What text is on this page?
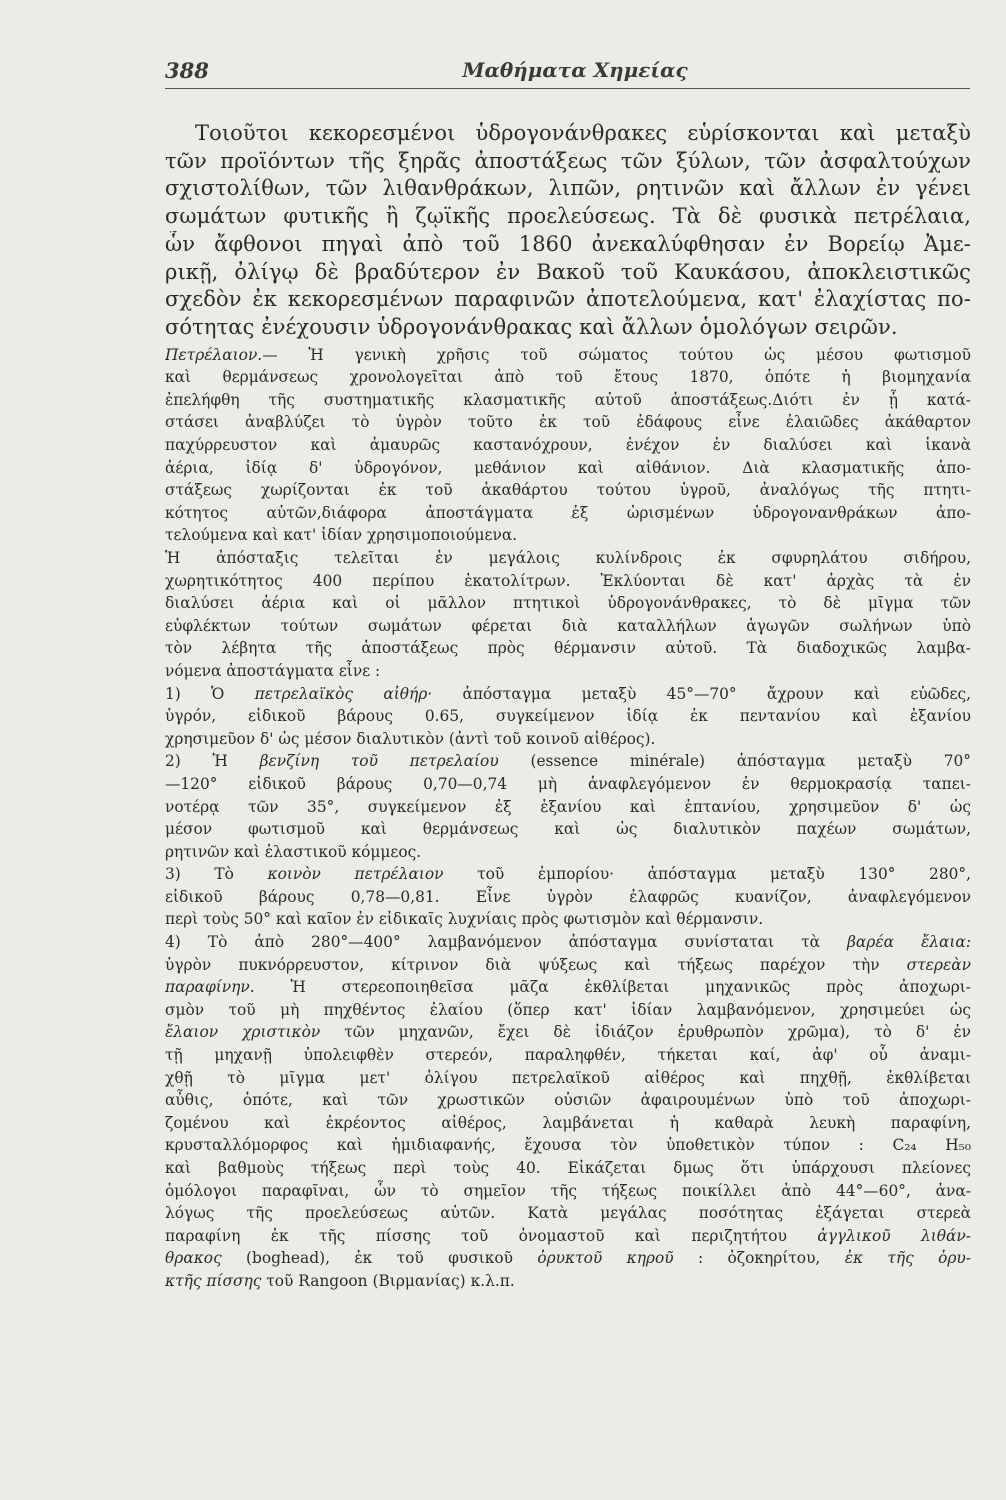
388	Μαθήματα Χημείας
Τοιοῦτοι κεκορεσμένοι ὑδρογονάνθρακες εὑρίσκονται καὶ μεταξὺ
τῶν προϊόντων τῆς ξηρᾶς ἀποστάξεως τῶν ξύλων, τῶν ἀσφαλτούχων
σχιστολίθων, τῶν λιθανθράκων, λιπῶν, ρητινῶν καὶ ἄλλων ἐν γένει
σωμάτων φυτικῆς ἢ ζῳϊκῆς προελεύσεως. Τὰ δὲ φυσικὰ πετρέλαια,
ὧν ἄφθονοι πηγαὶ ἀπὸ τοῦ 1860 ἀνεκαλύφθησαν ἐν Βορείῳ Ἀμε-
ρικῇ, ὀλίγῳ δὲ βραδύτερον ἐν Βακοῦ τοῦ Καυκάσου, ἀποκλειστικῶς
σχεδὸν ἐκ κεκορεσμένων παραφινῶν ἀποτελούμενα, κατ' ἐλαχίστας πο-
σότητας ἐνέχουσιν ὑδρογονάνθρακας καὶ ἄλλων ὁμολόγων σειρῶν.
Πετρέλαιον.— Ἡ γενικὴ χρῆσις τοῦ σώματος τούτου ὡς μέσου φωτισμοῦ
καὶ θερμάνσεως χρονολογεῖται ἀπὸ τοῦ ἔτους 1870, ὁπότε ἡ βιομηχανία
ἐπελήφθη τῆς συστηματικῆς κλασματικῆς αὐτοῦ ἀποστάξεως.Διότι ἐν ᾗ κατά-
στάσει ἀναβλύζει τὸ ὑγρὸν τοῦτο ἐκ τοῦ ἐδάφους εἶνε ἐλαιῶδες ἀκάθαρτον
παχύρρευστον καὶ ἀμαυρῶς καστανόχρουν, ἐνέχον ἐν διαλύσει καὶ ἱκανὰ
ἀέρια, ἰδίᾳ δ' ὑδρογόνον, μεθάνιον καὶ αἰθάνιον. Διὰ κλασματικῆς ἀπο-
στάξεως χωρίζονται ἐκ τοῦ ἀκαθάρτου τούτου ὑγροῦ, ἀναλόγως τῆς πτητι-
κότητος αὐτῶν,διάφορα ἀποστάγματα ἐξ ὡρισμένων ὑδρογονανθράκων ἀπο-
τελούμενα καὶ κατ' ἰδίαν χρησιμοποιούμενα.
Ἡ ἀπόσταξις τελεῖται ἐν μεγάλοις κυλίνδροις ἐκ σφυρηλάτου σιδήρου,
χωρητικότητος 400 περίπου ἑκατολίτρων. Ἐκλύονται δὲ κατ' ἀρχὰς τὰ ἐν
διαλύσει ἀέρια καὶ οἱ μᾶλλον πτητικοὶ ὑδρογονάνθρακες, τὸ δὲ μῖγμα τῶν
εὐφλέκτων τούτων σωμάτων φέρεται διὰ καταλλήλων ἀγωγῶν σωλήνων ὑπὸ
τὸν λέβητα τῆς ἀποστάξεως πρὸς θέρμανσιν αὐτοῦ. Τὰ διαδοχικῶς λαμβα-
νόμενα ἀποστάγματα εἶνε :
1) Ὁ πετρελαϊκὸς αἰθήρ· ἀπόσταγμα μεταξὺ 45°—70° ἄχρουν καὶ εὐῶδες,
ὑγρόν, εἰδικοῦ βάρους 0.65, συγκείμενον ἰδίᾳ ἐκ πεντανίου καὶ ἑξανίου
χρησιμεῦον δ' ὡς μέσον διαλυτικὸν (ἀντὶ τοῦ κοινοῦ αἰθέρος).
2) Ἡ βενζίνη τοῦ πετρελαίου (essence minérale) ἀπόσταγμα μεταξὺ 70°
—120° εἰδικοῦ βάρους 0,70—0,74 μὴ ἀναφλεγόμενον ἐν θερμοκρασίᾳ ταπει-
νοτέρᾳ τῶν 35°, συγκείμενον ἐξ ἑξανίου καὶ ἑπτανίου, χρησιμεῦον δ' ὡς
μέσον φωτισμοῦ καὶ θερμάνσεως καὶ ὡς διαλυτικὸν παχέων σωμάτων,
ρητινῶν καὶ ἐλαστικοῦ κόμμεος.
3) Τὸ κοινὸν πετρέλαιον τοῦ ἐμπορίου· ἀπόσταγμα μεταξὺ 130° 280°,
εἰδικοῦ βάρους 0,78—0,81. Εἶνε ὑγρὸν ἐλαφρῶς κυανίζον, ἀναφλεγόμενον
περὶ τοὺς 50° καὶ καῖον ἐν εἰδικαῖς λυχνίαις πρὸς φωτισμὸν καὶ θέρμανσιν.
4) Τὸ ἀπὸ 280°—400° λαμβανόμενον ἀπόσταγμα συνίσταται τὰ βαρέα ἔλαια:
ὑγρὸν πυκνόρρευστον, κίτρινον διὰ ψύξεως καὶ τήξεως παρέχον τὴν στερεὰν
παραφίνην. Ἡ στερεοποιηθεῖσα μᾶζα ἐκθλίβεται μηχανικῶς πρὸς ἀποχωρι-
σμὸν τοῦ μὴ πηχθέντος ἐλαίου (ὅπερ κατ' ἰδίαν λαμβανόμενον, χρησιμεύει ὡς
ἔλαιον χριστικὸν τῶν μηχανῶν, ἔχει δὲ ἰδιάζον ἐρυθρωπὸν χρῶμα), τὸ δ' ἐν
τῇ μηχανῇ ὑπολειφθὲν στερεόν, παραληφθέν, τήκεται καί, ἀφ' οὗ ἀναμι-
χθῇ τὸ μῖγμα μετ' ὀλίγου πετρελαϊκοῦ αἰθέρος καὶ πηχθῇ, ἐκθλίβεται
αὖθις, ὁπότε, καὶ τῶν χρωστικῶν οὐσιῶν ἀφαιρουμένων ὑπὸ τοῦ ἀποχωρι-
ζομένου καὶ ἐκρέοντος αἰθέρος, λαμβάνεται ἡ καθαρὰ λευκὴ παραφίνη,
κρυσταλλόμορφος καὶ ἡμιδιαφανής, ἔχουσα τὸν ὑποθετικὸν τύπον : C₂₄ H₅₀
καὶ βαθμοὺς τήξεως περὶ τοὺς 40. Εἰκάζεται δμως ὅτι ὑπάρχουσι πλείονες
ὁμόλογοι παραφῖναι, ὧν τὸ σημεῖον τῆς τήξεως ποικίλλει ἀπὸ 44°—60°, ἀνα-
λόγως τῆς προελεύσεως αὐτῶν. Κατὰ μεγάλας ποσότητας ἐξάγεται στερεὰ
παραφίνη ἐκ τῆς πίσσης τοῦ ὀνομαστοῦ καὶ περιζητήτου ἀγγλικοῦ λιθάν-
θρακος (boghead), ἐκ τοῦ φυσικοῦ ὀρυκτοῦ κηροῦ : ὀζοκηρίτου, ἐκ τῆς ὀρυ-
κτῆς πίσσης τοῦ Rangoon (Βιρμανίας) κ.λ.π.
